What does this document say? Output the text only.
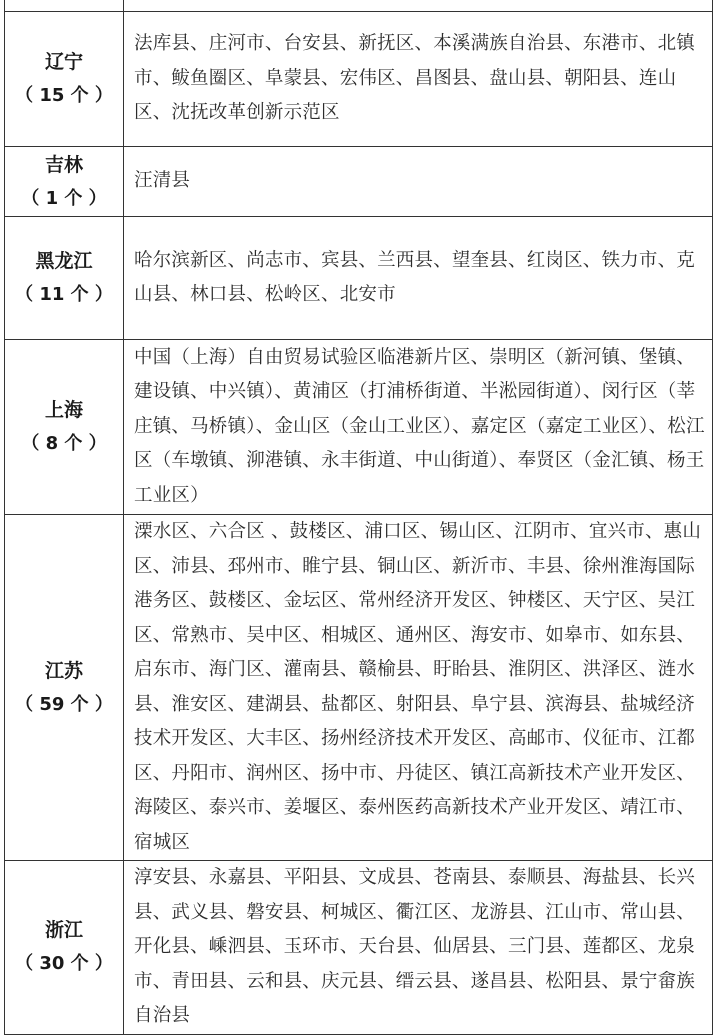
辽宁
（ 15 个 ）	法库县、庄河市、台安县、新抚区、本溪满族自治县、东港市、北镇市、鲅鱼圈区、阜蒙县、宏伟区、昌图县、盘山县、朝阳县、连山区、沈抚改革创新示范区

吉林
（ 1 个 ）	汪清县

黑龙江
（ 11 个 ）	哈尔滨新区、尚志市、宾县、兰西县、望奎县、红岗区、铁力市、克山县、林口县、松岭区、北安市

上海
（ 8 个 ）	中国（上海）自由贸易试验区临港新片区、崇明区（新河镇、堡镇、建设镇、中兴镇）、黄浦区（打浦桥街道、半淞园街道）、闵行区（莘庄镇、马桥镇）、金山区（金山工业区）、嘉定区（嘉定工业区）、松江区（车墩镇、泖港镇、永丰街道、中山街道）、奉贤区（金汇镇、杨王工业区）

江苏
（ 59 个 ）	溧水区、六合区 、鼓楼区、浦口区、锡山区、江阴市、宜兴市、惠山区、沛县、邳州市、睢宁县、铜山区、新沂市、丰县、徐州淮海国际港务区、鼓楼区、金坛区、常州经济开发区、钟楼区、天宁区、吴江区、常熟市、吴中区、相城区、通州区、海安市、如皋市、如东县、启东市、海门区、灌南县、赣榆县、盱眙县、淮阴区、洪泽区、涟水县、淮安区、建湖县、盐都区、射阳县、阜宁县、滨海县、盐城经济技术开发区、大丰区、扬州经济技术开发区、高邮市、仪征市、江都区、丹阳市、润州区、扬中市、丹徒区、镇江高新技术产业开发区、海陵区、泰兴市、姜堰区、泰州医药高新技术产业开发区、靖江市、宿城区

浙江
（ 30 个 ）	淳安县、永嘉县、平阳县、文成县、苍南县、泰顺县、海盐县、长兴县、武义县、磐安县、柯城区、衢江区、龙游县、江山市、常山县、开化县、嵊泗县、玉环市、天台县、仙居县、三门县、莲都区、龙泉市、青田县、云和县、庆元县、缙云县、遂昌县、松阳县、景宁畲族自治县
